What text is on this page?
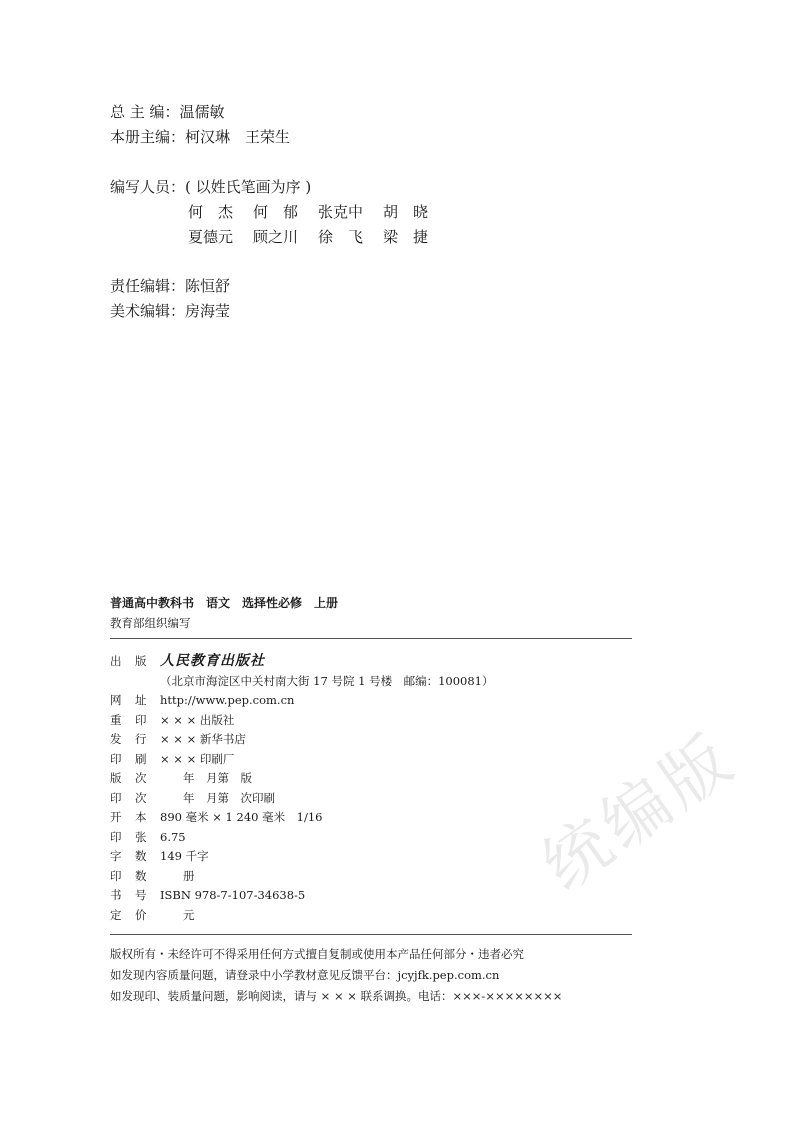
总 主 编： 温儒敏
本册主编： 柯汉琳　王荣生
编写人员： ( 以姓氏笔画为序 )
何　杰 何　郁 张克中 胡　晓
夏德元 顾之川 徐　飞 梁　捷
责任编辑： 陈恒舒
美术编辑： 房海莹
普通高中教科书　语文　选择性必修　上册
教育部组织编写
出 版 人民教育出版社
（北京市海淀区中关村南大街 17 号院 1 号楼　邮编：100081）
网 址	http://www.pep.com.cn
重 印	× × × 出版社
发 行	× × × 新华书店
印 刷	× × × 印刷厂
版 次	　　年　月第　版
印 次	　　年　月第　次印刷
开 本	890 毫米 × 1 240 毫米　1/16
印 张	6.75
字 数	149 千字
印 数	　　册
书 号	ISBN 978-7-107-34638-5
定 价	　　元
版权所有・未经许可不得采用任何方式擅自复制或使用本产品任何部分・违者必究
如发现内容质量问题，请登录中小学教材意见反馈平台：jcyjfk.pep.com.cn
如发现印、装质量问题，影响阅读，请与 × × × 联系调换。电话：×××-××××××××
统编版
